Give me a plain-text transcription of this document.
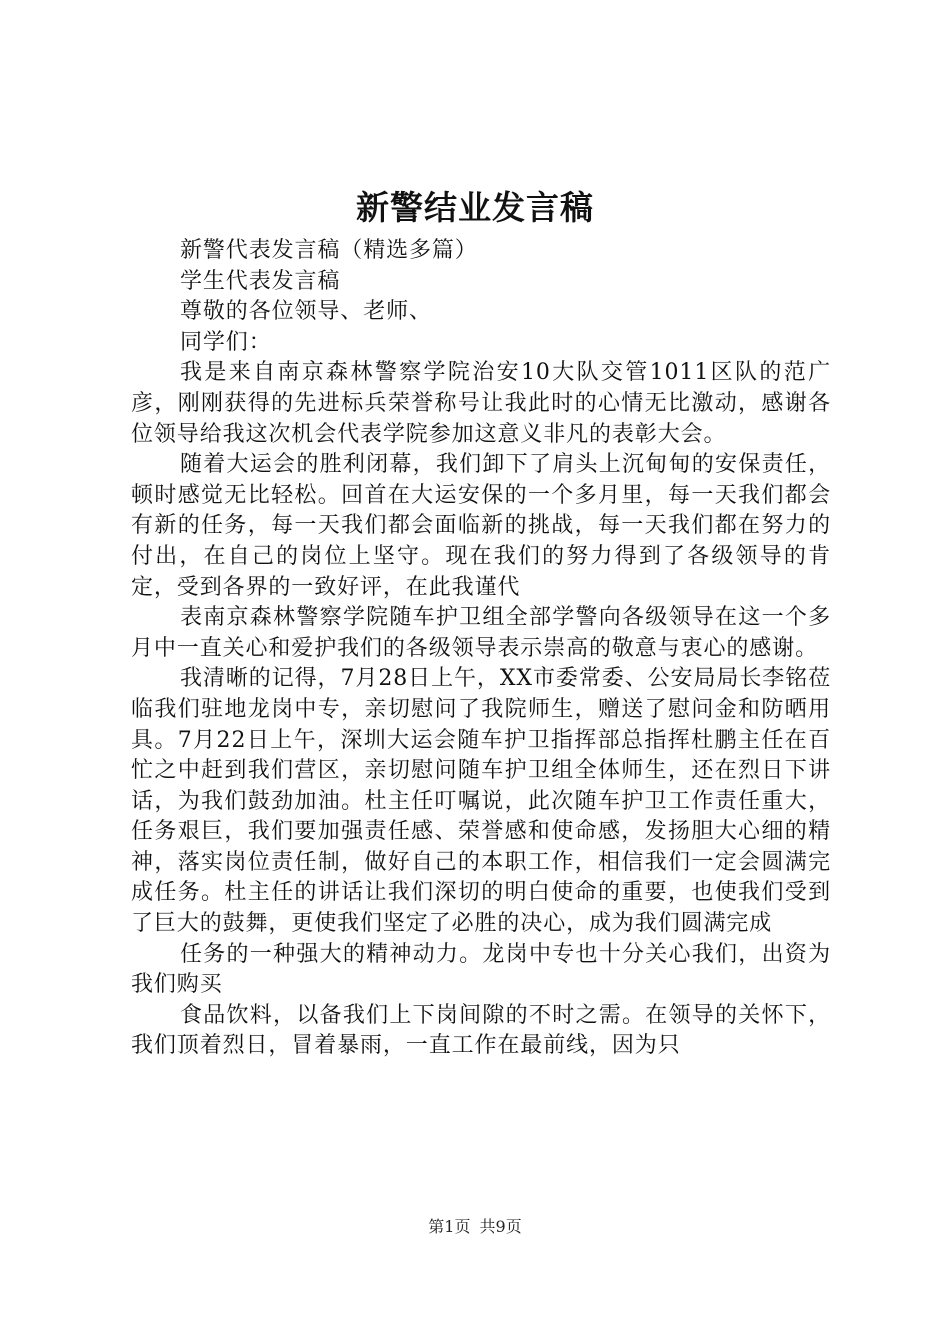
新警结业发言稿

新警代表发言稿（精选多篇）

学生代表发言稿

尊敬的各位领导、老师、

同学们：

我是来自南京森林警察学院治安10大队交管1011区队的范广彦，刚刚获得的先进标兵荣誉称号让我此时的心情无比激动，感谢各位领导给我这次机会代表学院参加这意义非凡的表彰大会。

随着大运会的胜利闭幕，我们卸下了肩头上沉甸甸的安保责任，顿时感觉无比轻松。回首在大运安保的一个多月里，每一天我们都会有新的任务，每一天我们都会面临新的挑战，每一天我们都在努力的付出，在自己的岗位上坚守。现在我们的努力得到了各级领导的肯定，受到各界的一致好评，在此我谨代

表南京森林警察学院随车护卫组全部学警向各级领导在这一个多月中一直关心和爱护我们的各级领导表示崇高的敬意与衷心的感谢。

我清晰的记得，7月28日上午，XX市委常委、公安局局长李铭莅临我们驻地龙岗中专，亲切慰问了我院师生，赠送了慰问金和防晒用具。7月22日上午，深圳大运会随车护卫指挥部总指挥杜鹏主任在百忙之中赶到我们营区，亲切慰问随车护卫组全体师生，还在烈日下讲话，为我们鼓劲加油。杜主任叮嘱说，此次随车护卫工作责任重大，任务艰巨，我们要加强责任感、荣誉感和使命感，发扬胆大心细的精神，落实岗位责任制，做好自己的本职工作，相信我们一定会圆满完成任务。杜主任的讲话让我们深切的明白使命的重要，也使我们受到了巨大的鼓舞，更使我们坚定了必胜的决心，成为我们圆满完成

任务的一种强大的精神动力。龙岗中专也十分关心我们，出资为我们购买

食品饮料，以备我们上下岗间隙的不时之需。在领导的关怀下，我们顶着烈日，冒着暴雨，一直工作在最前线，因为只

第1页 共9页
